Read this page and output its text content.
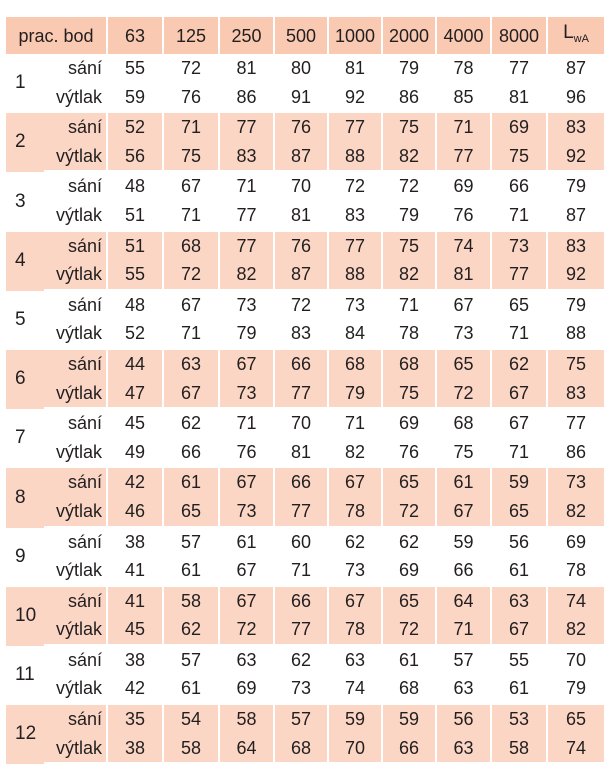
prac. bod		63	125	250	500	1000	2000	4000	8000	$L_{wA}$
1	sání	55	72	81	80	81	79	78	77	87
	výtlak	59	76	86	91	92	86	85	81	96
2	sání	52	71	77	76	77	75	71	69	83
	výtlak	56	75	83	87	88	82	77	75	92
3	sání	48	67	71	70	72	72	69	66	79
	výtlak	51	71	77	81	83	79	76	71	87
4	sání	51	68	77	76	77	75	74	73	83
	výtlak	55	72	82	87	88	82	81	77	92
5	sání	48	67	73	72	73	71	67	65	79
	výtlak	52	71	79	83	84	78	73	71	88
6	sání	44	63	67	66	68	68	65	62	75
	výtlak	47	67	73	77	79	75	72	67	83
7	sání	45	62	71	70	71	69	68	67	77
	výtlak	49	66	76	81	82	76	75	71	86
8	sání	42	61	67	66	67	65	61	59	73
	výtlak	46	65	73	77	78	72	67	65	82
9	sání	38	57	61	60	62	62	59	56	69
	výtlak	41	61	67	71	73	69	66	61	78
10	sání	41	58	67	66	67	65	64	63	74
	výtlak	45	62	72	77	78	72	71	67	82
11	sání	38	57	63	62	63	61	57	55	70
	výtlak	42	61	69	73	74	68	63	61	79
12	sání	35	54	58	57	59	59	56	53	65
	výtlak	38	58	64	68	70	66	63	58	74
